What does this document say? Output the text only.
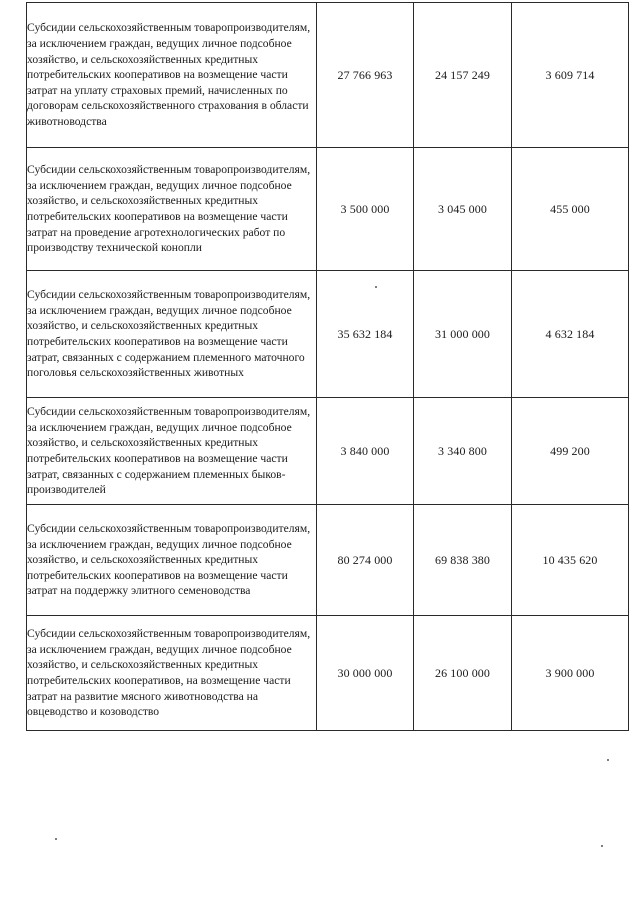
Субсидии сельскохозяйственным товаропроизводителям, за исключением граждан, ведущих личное подсобное хозяйство, и сельскохозяйственных кредитных потребительских кооперативов на возмещение части затрат на уплату страховых премий, начисленных по договорам сельскохозяйственного страхования в области животноводства	27 766 963	24 157 249	3 609 714
Субсидии сельскохозяйственным товаропроизводителям, за исключением граждан, ведущих личное подсобное хозяйство, и сельскохозяйственных кредитных потребительских кооперативов на возмещение части затрат на проведение агротехнологических работ по производству технической конопли	3 500 000	3 045 000	455 000
Субсидии сельскохозяйственным товаропроизводителям, за исключением граждан, ведущих личное подсобное хозяйство, и сельскохозяйственных кредитных потребительских кооперативов на возмещение части затрат, связанных с содержанием племенного маточного поголовья сельскохозяйственных животных	35 632 184	31 000 000	4 632 184
Субсидии сельскохозяйственным товаропроизводителям, за исключением граждан, ведущих личное подсобное хозяйство, и сельскохозяйственных кредитных потребительских кооперативов на возмещение части затрат, связанных с содержанием племенных быков-производителей	3 840 000	3 340 800	499 200
Субсидии сельскохозяйственным товаропроизводителям, за исключением граждан, ведущих личное подсобное хозяйство, и сельскохозяйственных кредитных потребительских кооперативов на возмещение части затрат на поддержку элитного семеноводства	80 274 000	69 838 380	10 435 620
Субсидии сельскохозяйственным товаропроизводителям, за исключением граждан, ведущих личное подсобное хозяйство, и сельскохозяйственных кредитных потребительских кооперативов, на возмещение части затрат на развитие мясного животноводства на овцеводство и козоводство	30 000 000	26 100 000	3 900 000
